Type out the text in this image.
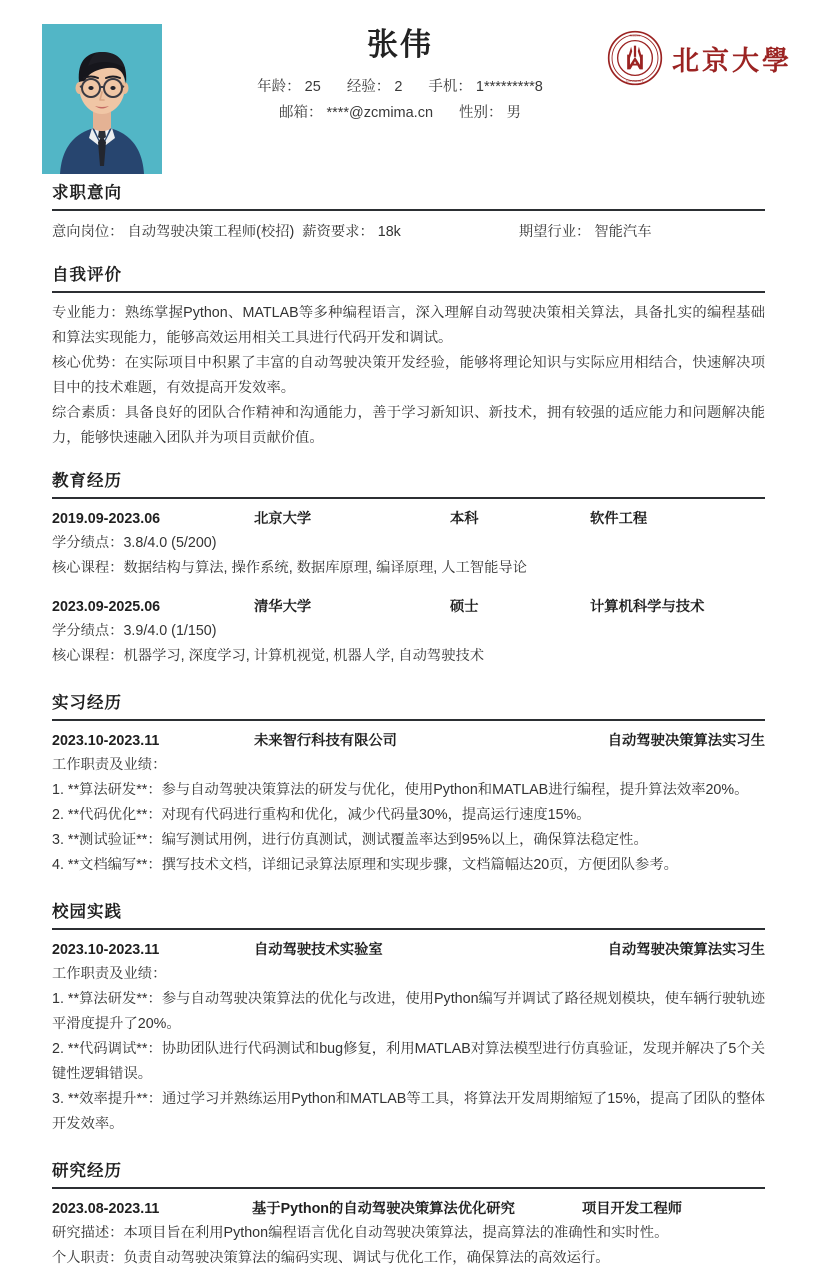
张伟
年龄： 25 经验： 2 手机： 1*********8
邮箱： ****@zcmima.cn 性别： 男
PEKING
UNIVERSITY
北京大學
求职意向
意向岗位： 自动驾驶决策工程师(校招) 薪资要求： 18k	期望行业： 智能汽车
自我评价

专业能力：熟练掌握Python、MATLAB等多种编程语言，深入理解自动驾驶决策相关算法，具备扎实的编程基础和算法实现能力，能够高效运用相关工具进行代码开发和调试。

核心优势：在实际项目中积累了丰富的自动驾驶决策开发经验，能够将理论知识与实际应用相结合，快速解决项目中的技术难题，有效提高开发效率。

综合素质：具备良好的团队合作精神和沟通能力，善于学习新知识、新技术，拥有较强的适应能力和问题解决能力，能够快速融入团队并为项目贡献价值。

教育经历
2019.09-2023.06	北京大学	本科	软件工程
学分绩点：3.8/4.0 (5/200)
核心课程：数据结构与算法, 操作系统, 数据库原理, 编译原理, 人工智能导论
2023.09-2025.06	清华大学	硕士	计算机科学与技术
学分绩点：3.9/4.0 (1/150)
核心课程：机器学习, 深度学习, 计算机视觉, 机器人学, 自动驾驶技术
实习经历
2023.10-2023.11	未来智行科技有限公司	自动驾驶决策算法实习生
工作职责及业绩：
1. **算法研发**：参与自动驾驶决策算法的研发与优化，使用Python和MATLAB进行编程，提升算法效率20%。
2. **代码优化**：对现有代码进行重构和优化，减少代码量30%，提高运行速度15%。
3. **测试验证**：编写测试用例，进行仿真测试，测试覆盖率达到95%以上，确保算法稳定性。
4. **文档编写**：撰写技术文档，详细记录算法原理和实现步骤，文档篇幅达20页，方便团队参考。
校园实践
2023.10-2023.11	自动驾驶技术实验室	自动驾驶决策算法实习生
工作职责及业绩：
1. **算法研发**：参与自动驾驶决策算法的优化与改进，使用Python编写并调试了路径规划模块，使车辆行驶轨迹平滑度提升了20%。
2. **代码调试**：协助团队进行代码测试和bug修复，利用MATLAB对算法模型进行仿真验证，发现并解决了5个关键性逻辑错误。
3. **效率提升**：通过学习并熟练运用Python和MATLAB等工具，将算法开发周期缩短了15%，提高了团队的整体开发效率。
研究经历
2023.08-2023.11	基于Python的自动驾驶决策算法优化研究	项目开发工程师
研究描述：本项目旨在利用Python编程语言优化自动驾驶决策算法，提高算法的准确性和实时性。
个人职责：负责自动驾驶决策算法的编码实现、调试与优化工作，确保算法的高效运行。
